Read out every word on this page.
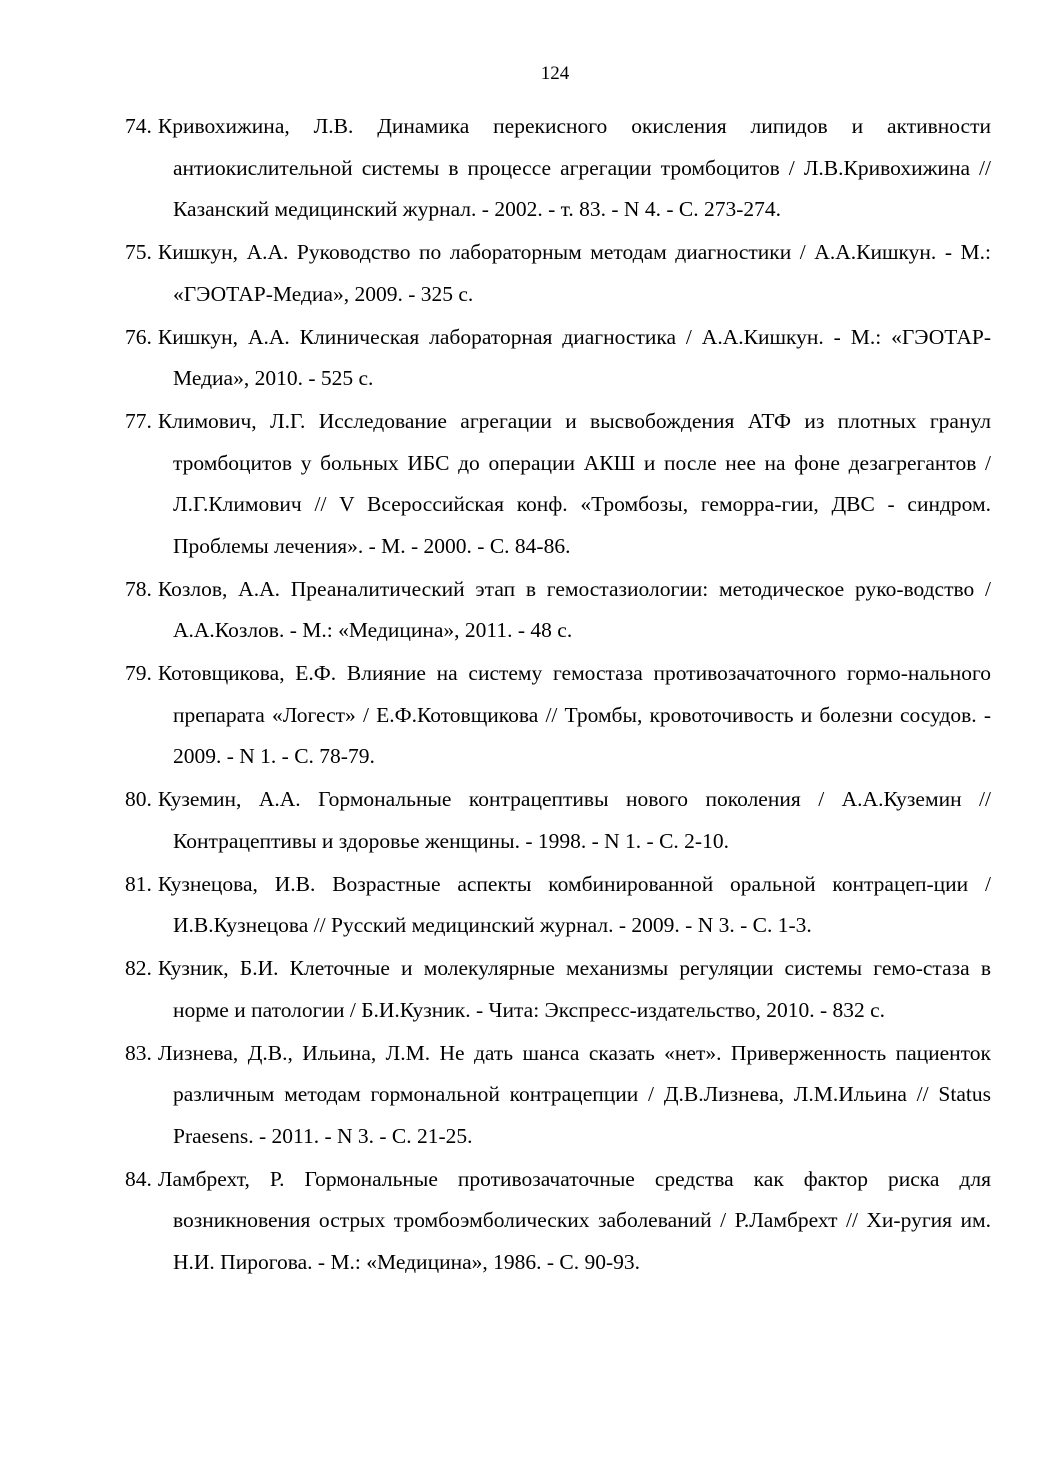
124

74. Кривохижина, Л.В. Динамика перекисного окисления липидов и активности антиокислительной системы в процессе агрегации тромбоцитов / Л.В.Кривохижина // Казанский медицинский журнал. - 2002. - т. 83. - N 4. - С. 273-274.

75. Кишкун, А.А. Руководство по лабораторным методам диагностики / А.А.Кишкун. - М.: «ГЭОТАР-Медиа», 2009. - 325 с.

76. Кишкун, А.А. Клиническая лабораторная диагностика / А.А.Кишкун. - М.: «ГЭОТАР-Медиа», 2010. - 525 с.

77. Климович, Л.Г. Исследование агрегации и высвобождения АТФ из плотных гранул тромбоцитов у больных ИБС до операции АКШ и после нее на фоне дезагрегантов / Л.Г.Климович // V Всероссийская конф. «Тромбозы, геморра-гии, ДВС - синдром. Проблемы лечения». - М. - 2000. - С. 84-86.

78. Козлов, А.А. Преаналитический этап в гемостазиологии: методическое руко-водство / А.А.Козлов. - М.: «Медицина», 2011. - 48 с.

79. Котовщикова, Е.Ф. Влияние на систему гемостаза противозачаточного гормо-нального препарата «Логест» / Е.Ф.Котовщикова // Тромбы, кровоточивость и болезни сосудов. - 2009. - N 1. - С. 78-79.

80. Куземин, А.А. Гормональные контрацептивы нового поколения / А.А.Куземин // Контрацептивы и здоровье женщины. - 1998. - N 1. - С. 2-10.

81. Кузнецова, И.В. Возрастные аспекты комбинированной оральной контрацеп-ции / И.В.Кузнецова // Русский медицинский журнал. - 2009. - N 3. - С. 1-3.

82. Кузник, Б.И. Клеточные и молекулярные механизмы регуляции системы гемо-стаза в норме и патологии / Б.И.Кузник. - Чита: Экспресс-издательство, 2010. - 832 с.

83. Лизнева, Д.В., Ильина, Л.М. Не дать шанса сказать «нет». Приверженность пациенток различным методам гормональной контрацепции / Д.В.Лизнева, Л.М.Ильина // Status Praesens. - 2011. - N 3. - С. 21-25.

84. Ламбрехт, Р. Гормональные противозачаточные средства как фактор риска для возникновения острых тромбоэмболических заболеваний / Р.Ламбрехт // Хи-ругия им. Н.И. Пирогова. - М.: «Медицина», 1986. - С. 90-93.
